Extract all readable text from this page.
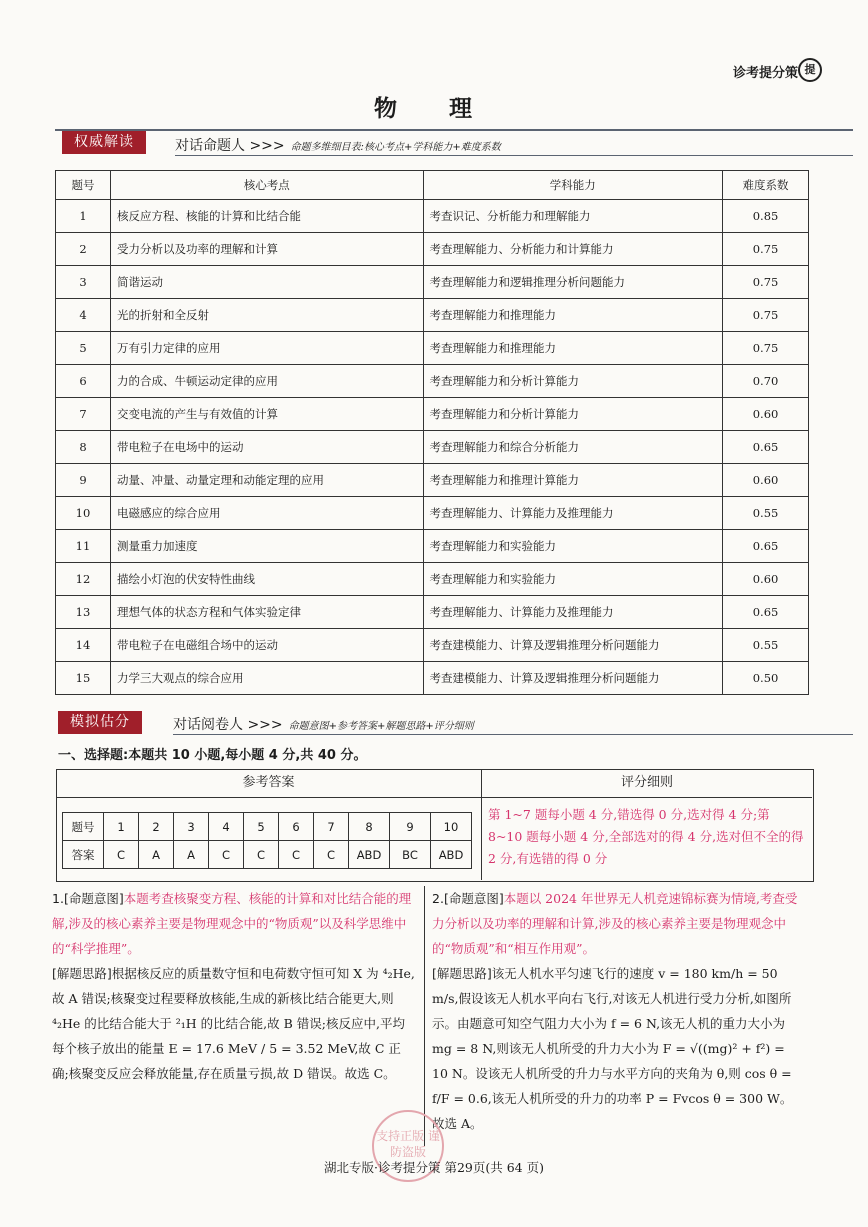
诊考提分策 提
物 理
权威解读	对话命题人 >>> 命题多维细目表:核心考点+学科能力+难度系数
题号	核心考点	学科能力	难度系数
1	核反应方程、核能的计算和比结合能	考查识记、分析能力和理解能力	0.85
2	受力分析以及功率的理解和计算	考查理解能力、分析能力和计算能力	0.75
3	简谐运动	考查理解能力和逻辑推理分析问题能力	0.75
4	光的折射和全反射	考查理解能力和推理能力	0.75
5	万有引力定律的应用	考查理解能力和推理能力	0.75
6	力的合成、牛顿运动定律的应用	考查理解能力和分析计算能力	0.70
7	交变电流的产生与有效值的计算	考查理解能力和分析计算能力	0.60
8	带电粒子在电场中的运动	考查理解能力和综合分析能力	0.65
9	动量、冲量、动量定理和动能定理的应用	考查理解能力和推理计算能力	0.60
10	电磁感应的综合应用	考查理解能力、计算能力及推理能力	0.55
11	测量重力加速度	考查理解能力和实验能力	0.65
12	描绘小灯泡的伏安特性曲线	考查理解能力和实验能力	0.60
13	理想气体的状态方程和气体实验定律	考查理解能力、计算能力及推理能力	0.65
14	带电粒子在电磁组合场中的运动	考查建模能力、计算及逻辑推理分析问题能力	0.55
15	力学三大观点的综合应用	考查建模能力、计算及逻辑推理分析问题能力	0.50
模拟估分	对话阅卷人 >>> 命题意图+参考答案+解题思路+评分细则
一、选择题:本题共 10 小题,每小题 4 分,共 40 分。
参考答案	评分细则
题号	1	2	3	4	5	6	7	8	9	10
答案	C	A	A	C	C	C	C	ABD	BC	ABD
第 1~7 题每小题 4 分,错选得 0 分,选对得 4 分;第 8~10 题每小题 4 分,全部选对的得 4 分,选对但不全的得 2 分,有选错的得 0 分
1.[命题意图]本题考查核聚变方程、核能的计算和对比结合能的理解,涉及的核心素养主要是物理观念中的“物质观”以及科学思维中的“科学推理”。
[解题思路]根据核反应的质量数守恒和电荷数守恒可知 X 为 ⁴₂He,故 A 错误;核聚变过程要释放核能,生成的新核比结合能更大,则 ⁴₂He 的比结合能大于 ²₁H 的比结合能,故 B 错误;核反应中,平均每个核子放出的能量 E = 17.6 MeV / 5 = 3.52 MeV,故 C 正确;核聚变反应会释放能量,存在质量亏损,故 D 错误。故选 C。
2.[命题意图]本题以 2024 年世界无人机竞速锦标赛为情境,考查受力分析以及功率的理解和计算,涉及的核心素养主要是物理观念中的“物质观”和“相互作用观”。
[解题思路]该无人机水平匀速飞行的速度 v = 180 km/h = 50 m/s,假设该无人机水平向右飞行,对该无人机进行受力分析,如图所示。由题意可知空气阻力大小为 f = 6 N,该无人机的重力大小为 mg = 8 N,则该无人机所受的升力大小为 F = √((mg)² + f²) = 10 N。设该无人机所受的升力与水平方向的夹角为 θ,则 cos θ = f/F = 0.6,该无人机所受的升力的功率 P = Fvcos θ = 300 W。故选 A。
支持正版 谨防盗版
湖北专版·诊考提分策 第29页(共 64 页)
